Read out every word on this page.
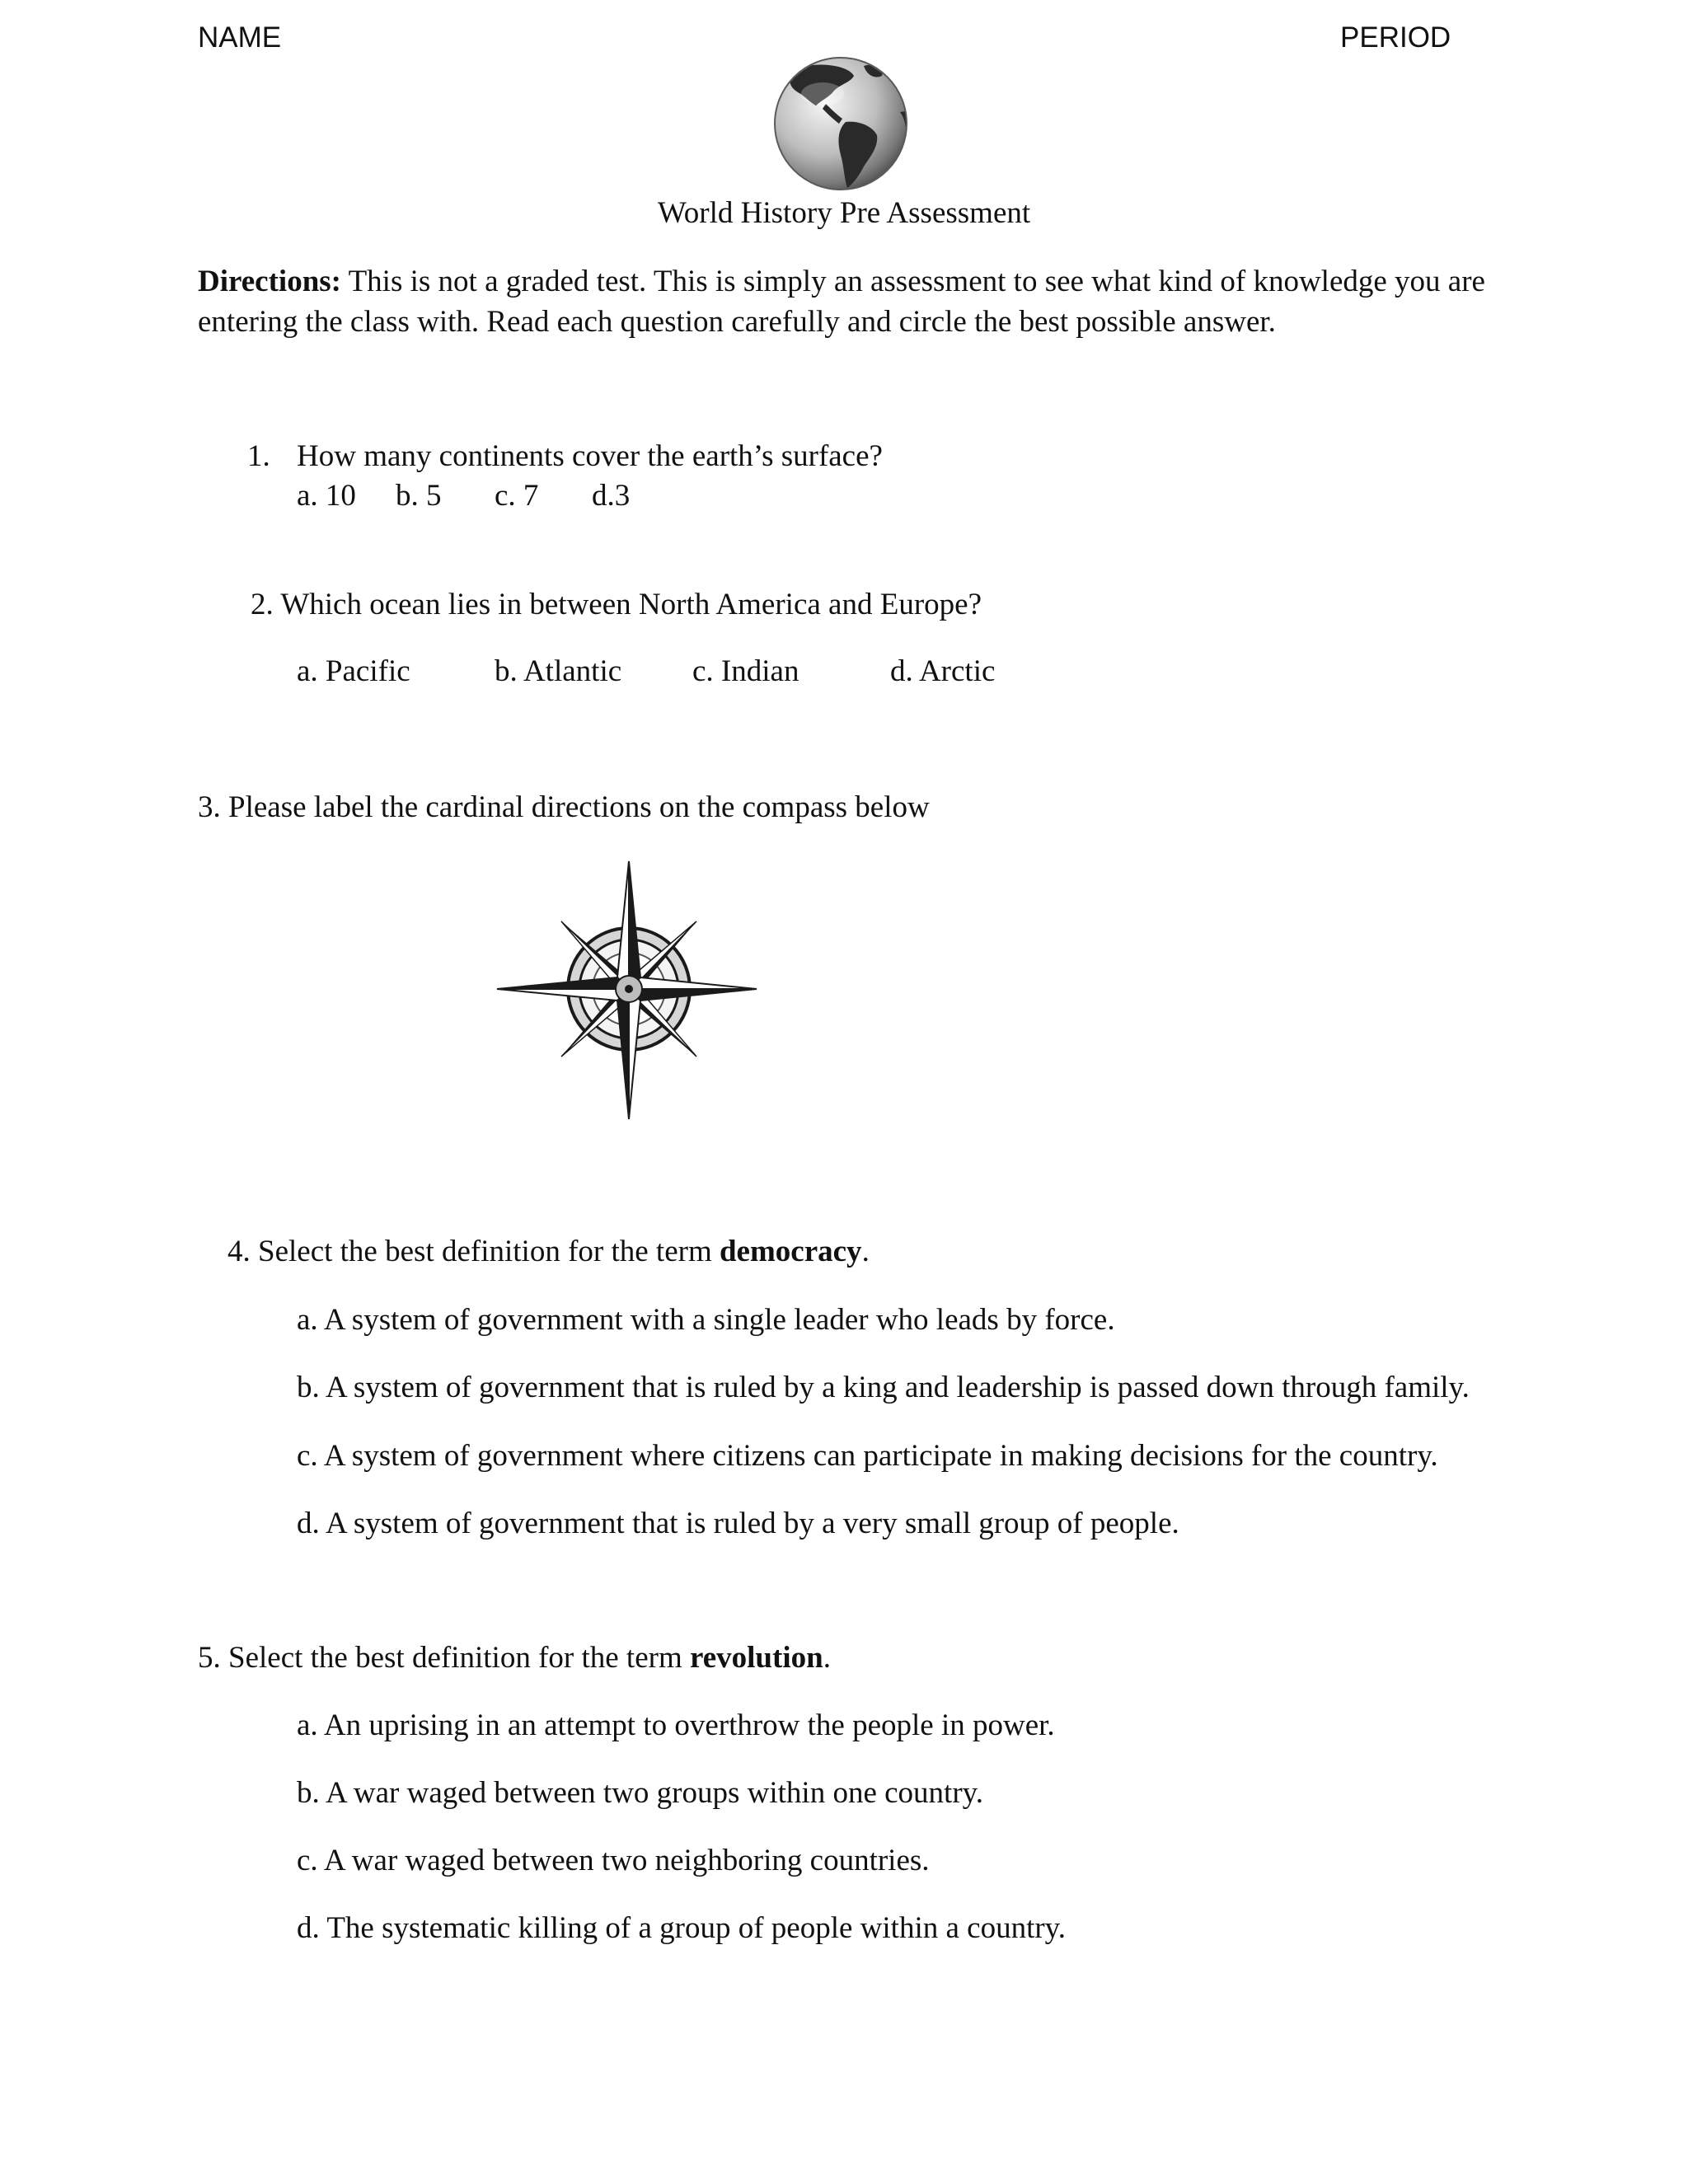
NAME	PERIOD
World History Pre Assessment
Directions: This is not a graded test. This is simply an assessment to see what kind of knowledge you are
entering the class with. Read each question carefully and circle the best possible answer.
1. How many continents cover the earth’s surface?
a. 10 b. 5 c. 7 d.3
2. Which ocean lies in between North America and Europe?
a. Pacific	b. Atlantic c. Indian	d. Arctic
3. Please label the cardinal directions on the compass below
4. Select the best definition for the term democracy.
a. A system of government with a single leader who leads by force.
b. A system of government that is ruled by a king and leadership is passed down through family.
c. A system of government where citizens can participate in making decisions for the country.
d. A system of government that is ruled by a very small group of people.
5. Select the best definition for the term revolution.
a. An uprising in an attempt to overthrow the people in power.
b. A war waged between two groups within one country.
c. A war waged between two neighboring countries.
d. The systematic killing of a group of people within a country.
